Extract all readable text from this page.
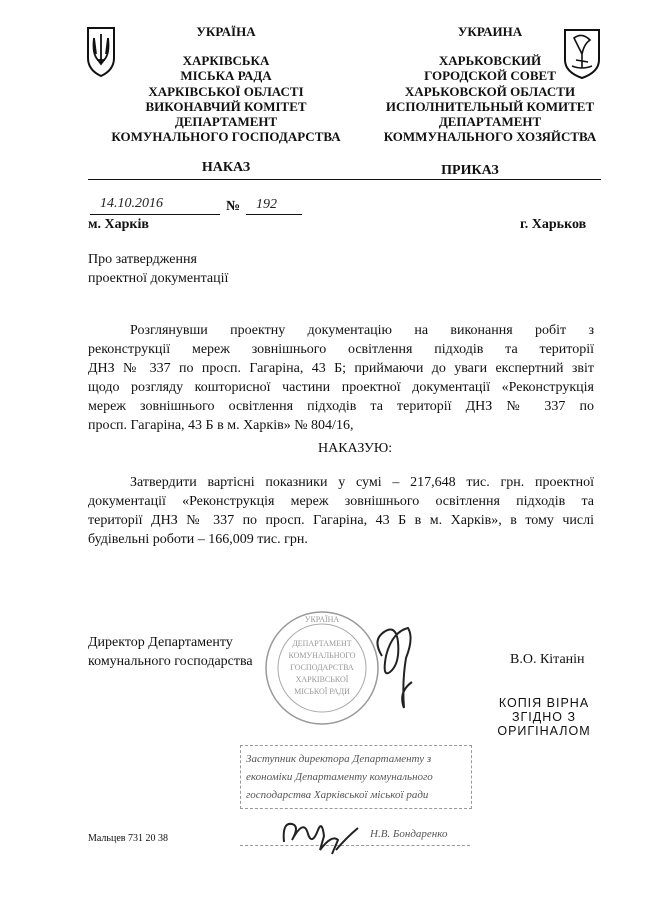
УКРАЇНА
ХАРКІВСЬКА
МІСЬКА РАДА
ХАРКІВСЬКОЇ ОБЛАСТІ
ВИКОНАВЧИЙ КОМІТЕТ
ДЕПАРТАМЕНТ
КОМУНАЛЬНОГО ГОСПОДАРСТВА
УКРАИНА
ХАРЬКОВСКИЙ
ГОРОДСКОЙ СОВЕТ
ХАРЬКОВСКОЙ ОБЛАСТИ
ИСПОЛНИТЕЛЬНЫЙ КОМИТЕТ
ДЕПАРТАМЕНТ
КОММУНАЛЬНОГО ХОЗЯЙСТВА
НАКАЗ	ПРИКАЗ
14.10.2016	№ 192
м. Харків	г. Харьков
Про затвердження
проектної документації
Розглянувши проектну документацію на виконання робіт з
реконструкції мереж зовнішнього освітлення підходів та території
ДНЗ № 337 по просп. Гагаріна, 43 Б; приймаючи до уваги експертний звіт
щодо розгляду кошторисної частини проектної документації «Реконструкція
мереж зовнішнього освітлення підходів та території ДНЗ № 337 по
просп. Гагаріна, 43 Б в м. Харків» № 804/16,
НАКАЗУЮ:
Затвердити вартісні показники у сумі – 217,648 тис. грн. проектної
документації «Реконструкція мереж зовнішнього освітлення підходів та
території ДНЗ № 337 по просп. Гагаріна, 43 Б в м. Харків», в тому числі
будівельні роботи – 166,009 тис. грн.
УКРАЇНА
ДЕПАРТАМЕНТ
КОМУНАЛЬНОГО
ГОСПОДАРСТВА
ХАРКІВСЬКОЇ
МІСЬКОЇ РАДИ
Директор Департаменту
комунального господарства	В.О. Кітанін
КОПІЯ ВІРНА
ЗГІДНО З
ОРИГІНАЛОМ
Заступник директора Департаменту з
економіки Департаменту комунального
господарства Харківської міської ради
Н.В. Бондаренко
Мальцев 731 20 38
